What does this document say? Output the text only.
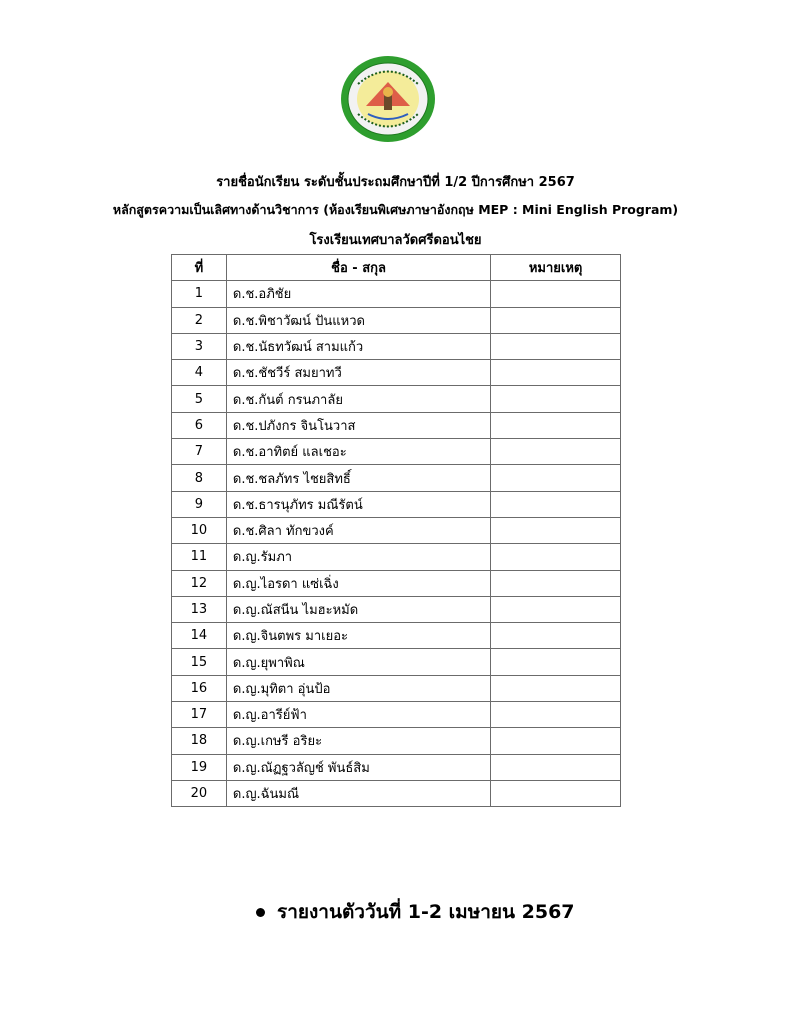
รายชื่อนักเรียน ระดับชั้นประถมศึกษาปีที่ 1/2 ปีการศึกษา 2567
หลักสูตรความเป็นเลิศทางด้านวิชาการ (ห้องเรียนพิเศษภาษาอังกฤษ MEP : Mini English Program)
โรงเรียนเทศบาลวัดศรีดอนไชย
ที่	ชื่อ - สกุล	หมายเหตุ
1	ด.ช.อภิชัย	
2	ด.ช.พิชาวัฒน์ ปันแหวด	
3	ด.ช.นัธทวัฒน์ สามแก้ว	
4	ด.ช.ชัชวีร์ สมยาทวี	
5	ด.ช.กันต์ กรนภาลัย	
6	ด.ช.ปภังกร จินโนวาส	
7	ด.ช.อาทิตย์ แลเชอะ	
8	ด.ช.ชลภัทร ไชยสิทธิ์	
9	ด.ช.ธารนุภัทร มณีรัตน์	
10	ด.ช.ศิลา ทักขวงค์	
11	ด.ญ.รัมภา	
12	ด.ญ.ไอรดา แซ่เฉิ่ง	
13	ด.ญ.ณัสนีน ไมฮะหมัด	
14	ด.ญ.จินตพร มาเยอะ	
15	ด.ญ.ยุพาพิณ	
16	ด.ญ.มุทิตา อุ่นป้อ	
17	ด.ญ.อารีย์ฟ้า	
18	ด.ญ.เกษรี อริยะ	
19	ด.ญ.ณัฏฐวลัญช์ พันธ์สิม	
20	ด.ญ.ฉันมณี	
รายงานตัววันที่ 1-2 เมษายน 2567
